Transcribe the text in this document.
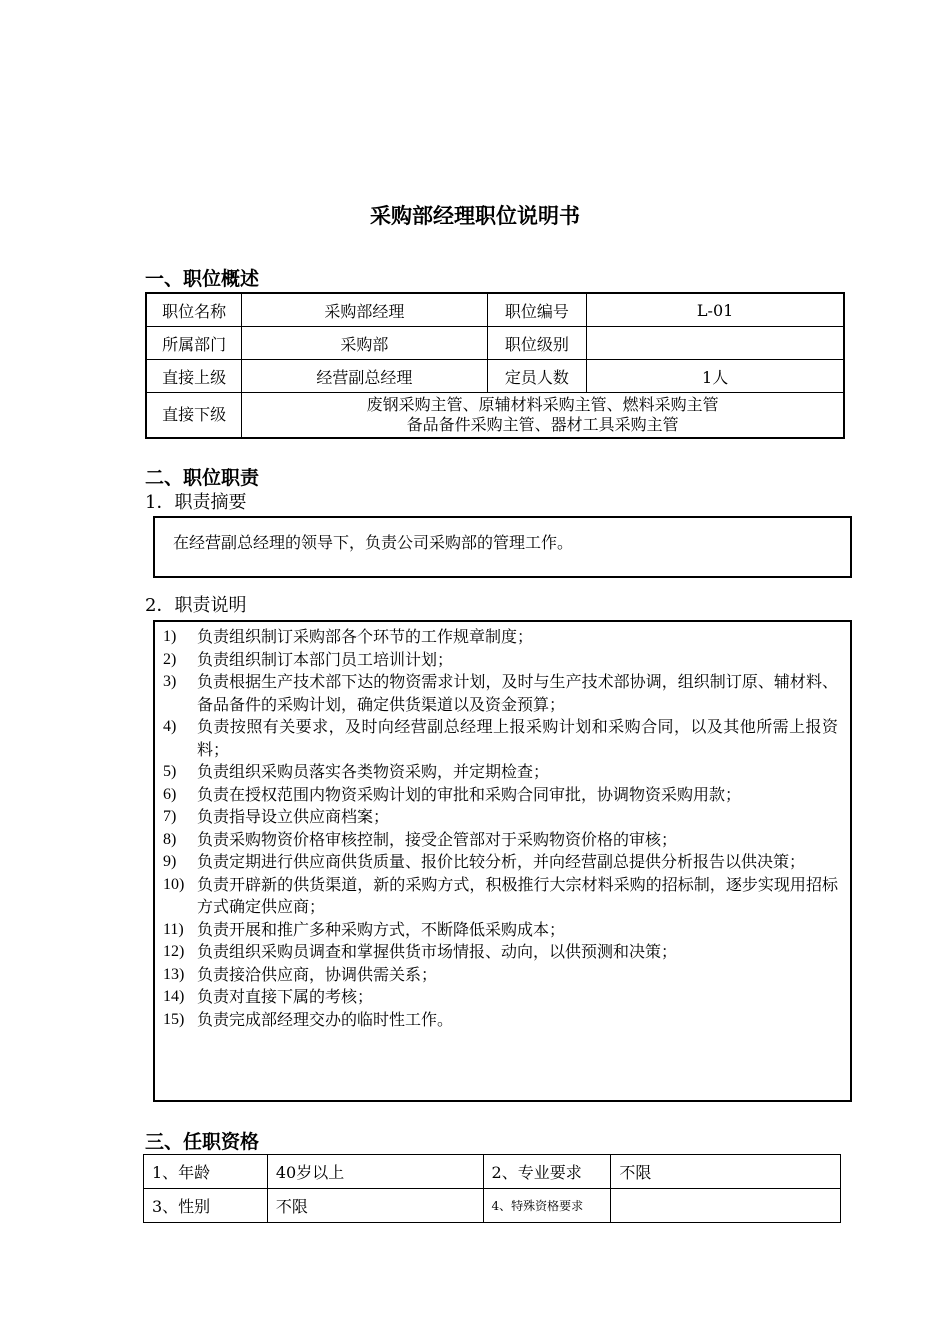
采购部经理职位说明书
一、职位概述
职位名称	采购部经理	职位编号	L-01
所属部门	采购部	职位级别	
直接上级	经营副总经理	定员人数	1人
直接下级	废钢采购主管、原辅材料采购主管、燃料采购主管
备品备件采购主管、器材工具采购主管		
二、职位职责
1．职责摘要
在经营副总经理的领导下，负责公司采购部的管理工作。
2．职责说明
1)	负责组织制订采购部各个环节的工作规章制度；
2)	负责组织制订本部门员工培训计划；
3)	负责根据生产技术部下达的物资需求计划，及时与生产技术部协调，组织制订原、辅材料、备品备件的采购计划，确定供货渠道以及资金预算；
4)	负责按照有关要求，及时向经营副总经理上报采购计划和采购合同，以及其他所需上报资料；
5)	负责组织采购员落实各类物资采购，并定期检查；
6)	负责在授权范围内物资采购计划的审批和采购合同审批，协调物资采购用款；
7)	负责指导设立供应商档案；
8)	负责采购物资价格审核控制，接受企管部对于采购物资价格的审核；
9)	负责定期进行供应商供货质量、报价比较分析，并向经营副总提供分析报告以供决策；
10) 负责开辟新的供货渠道，新的采购方式，积极推行大宗材料采购的招标制，逐步实现用招标方式确定供应商；
11) 负责开展和推广多种采购方式，不断降低采购成本；
12) 负责组织采购员调查和掌握供货市场情报、动向，以供预测和决策；
13) 负责接洽供应商，协调供需关系；
14) 负责对直接下属的考核；
15) 负责完成部经理交办的临时性工作。
三、任职资格
1、年龄	40岁以上	2、专业要求	不限
3、性别	不限	4、特殊资格要求	
